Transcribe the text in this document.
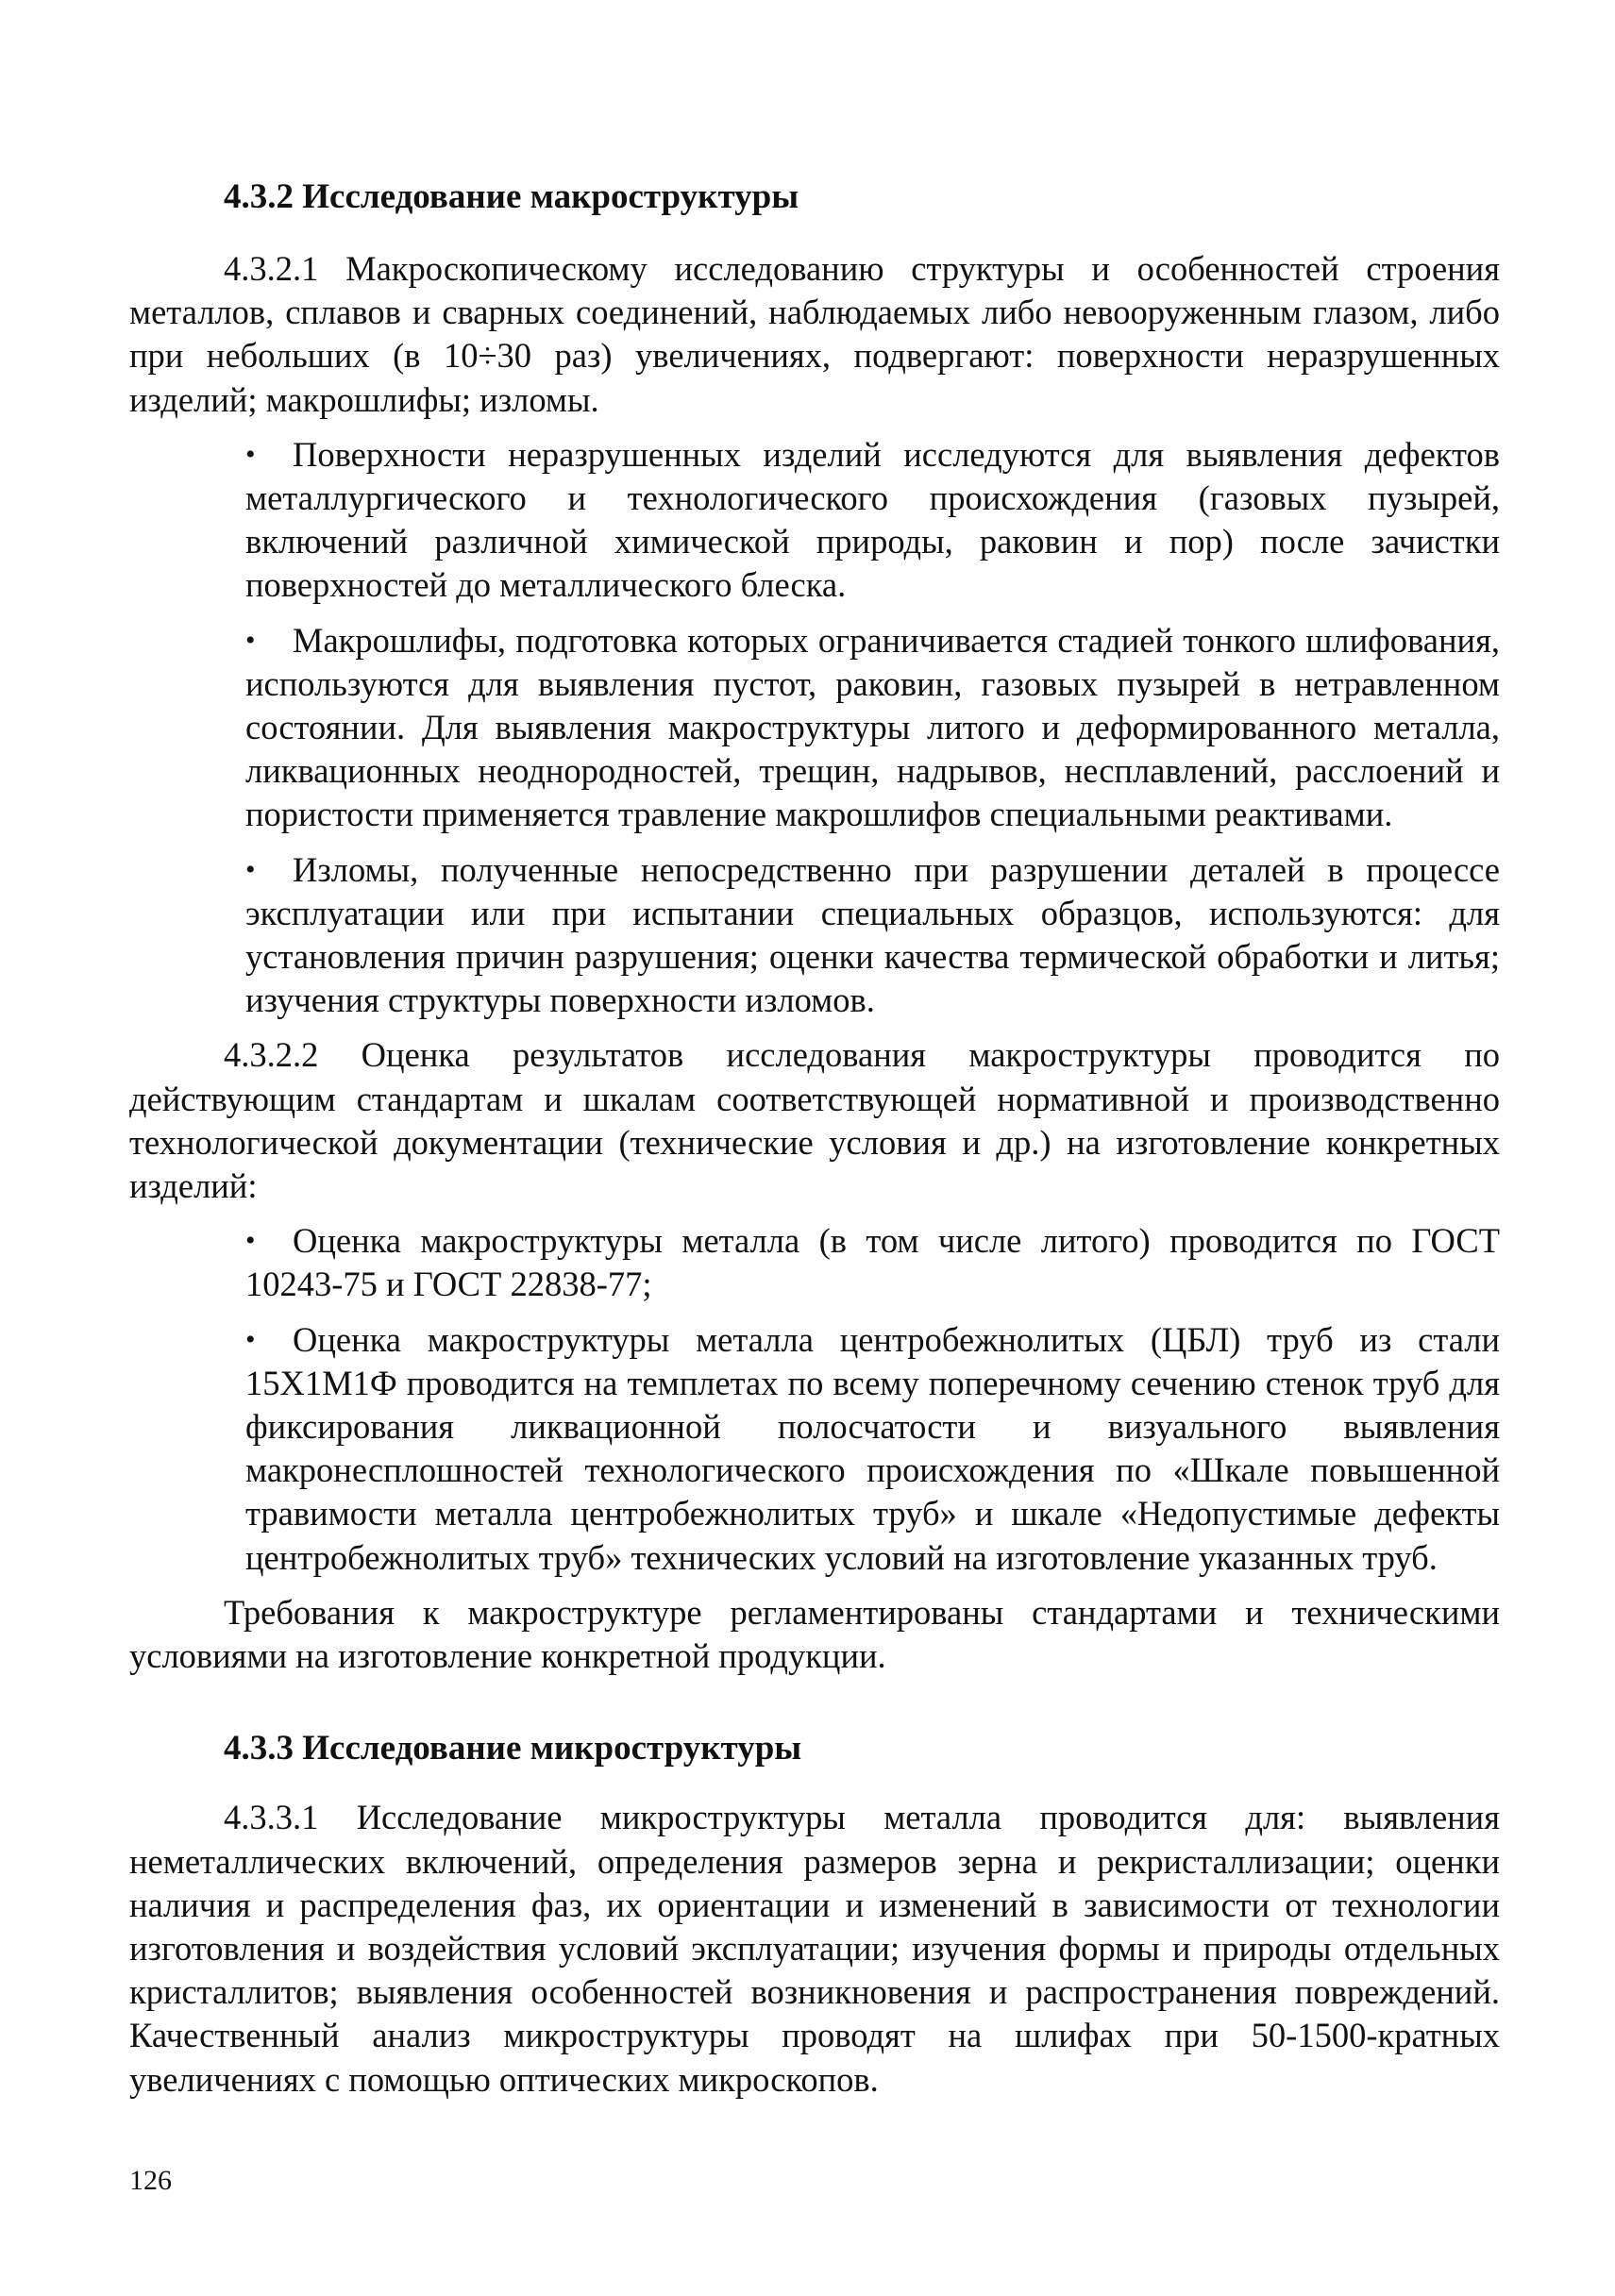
4.3.2 Исследование макроструктуры

4.3.2.1 Макроскопическому исследованию структуры и особенностей строения металлов, сплавов и сварных соединений, наблюдаемых либо невооруженным глазом, либо при небольших (в 10÷30 раз) увеличениях, подвергают: поверхности неразрушенных изделий; макрошлифы; изломы.

• Поверхности неразрушенных изделий исследуются для выявления дефектов металлургического и технологического происхождения (газовых пузырей, включений различной химической природы, раковин и пор) после зачистки поверхностей до металлического блеска.
• Макрошлифы, подготовка которых ограничивается стадией тонкого шлифования, используются для выявления пустот, раковин, газовых пузырей в нетравленном состоянии. Для выявления макроструктуры литого и деформированного металла, ликвационных неоднородностей, трещин, надрывов, несплавлений, расслоений и пористости применяется травление макрошлифов специальными реактивами.
• Изломы, полученные непосредственно при разрушении деталей в процессе эксплуатации или при испытании специальных образцов, используются: для установления причин разрушения; оценки качества термической обработки и литья; изучения структуры поверхности изломов.

4.3.2.2 Оценка результатов исследования макроструктуры проводится по действующим стандартам и шкалам соответствующей нормативной и производственно технологической документации (технические условия и др.) на изготовление конкретных изделий:

• Оценка макроструктуры металла (в том числе литого) проводится по ГОСТ 10243-75 и ГОСТ 22838-77;
• Оценка макроструктуры металла центробежнолитых (ЦБЛ) труб из стали 15Х1М1Ф проводится на темплетах по всему поперечному сечению стенок труб для фиксирования ликвационной полосчатости и визуального выявления макронесплошностей технологического происхождения по «Шкале повышенной травимости металла центробежнолитых труб» и шкале «Недопустимые дефекты центробежнолитых труб» технических условий на изготовление указанных труб.

Требования к макроструктуре регламентированы стандартами и техническими условиями на изготовление конкретной продукции.

4.3.3 Исследование микроструктуры

4.3.3.1 Исследование микроструктуры металла проводится для: выявления неметаллических включений, определения размеров зерна и рекристаллизации; оценки наличия и распределения фаз, их ориентации и изменений в зависимости от технологии изготовления и воздействия условий эксплуатации; изучения формы и природы отдельных кристаллитов; выявления особенностей возникновения и распространения повреждений. Качественный анализ микроструктуры проводят на шлифах при 50-1500-кратных увеличениях с помощью оптических микроскопов.

126
